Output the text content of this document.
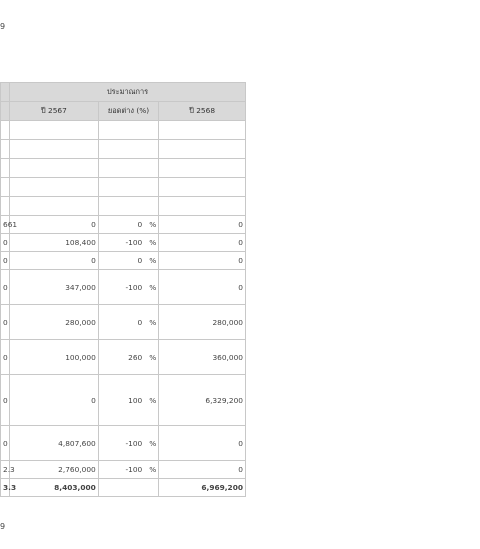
9
	ประมาณการ		
	ปี 2567	ยอดต่าง (%)	ปี 2568

661	0	0 %	0
0	108,400	-100 %	0
0	0	0 %	0
0	347,000	-100 %	0
0	280,000	0 %	280,000
0	100,000	260 %	360,000
0	0	100 %	6,329,200
0	4,807,600	-100 %	0
2.3	2,760,000	-100 %	0
3.3	8,403,000		6,969,200
9
